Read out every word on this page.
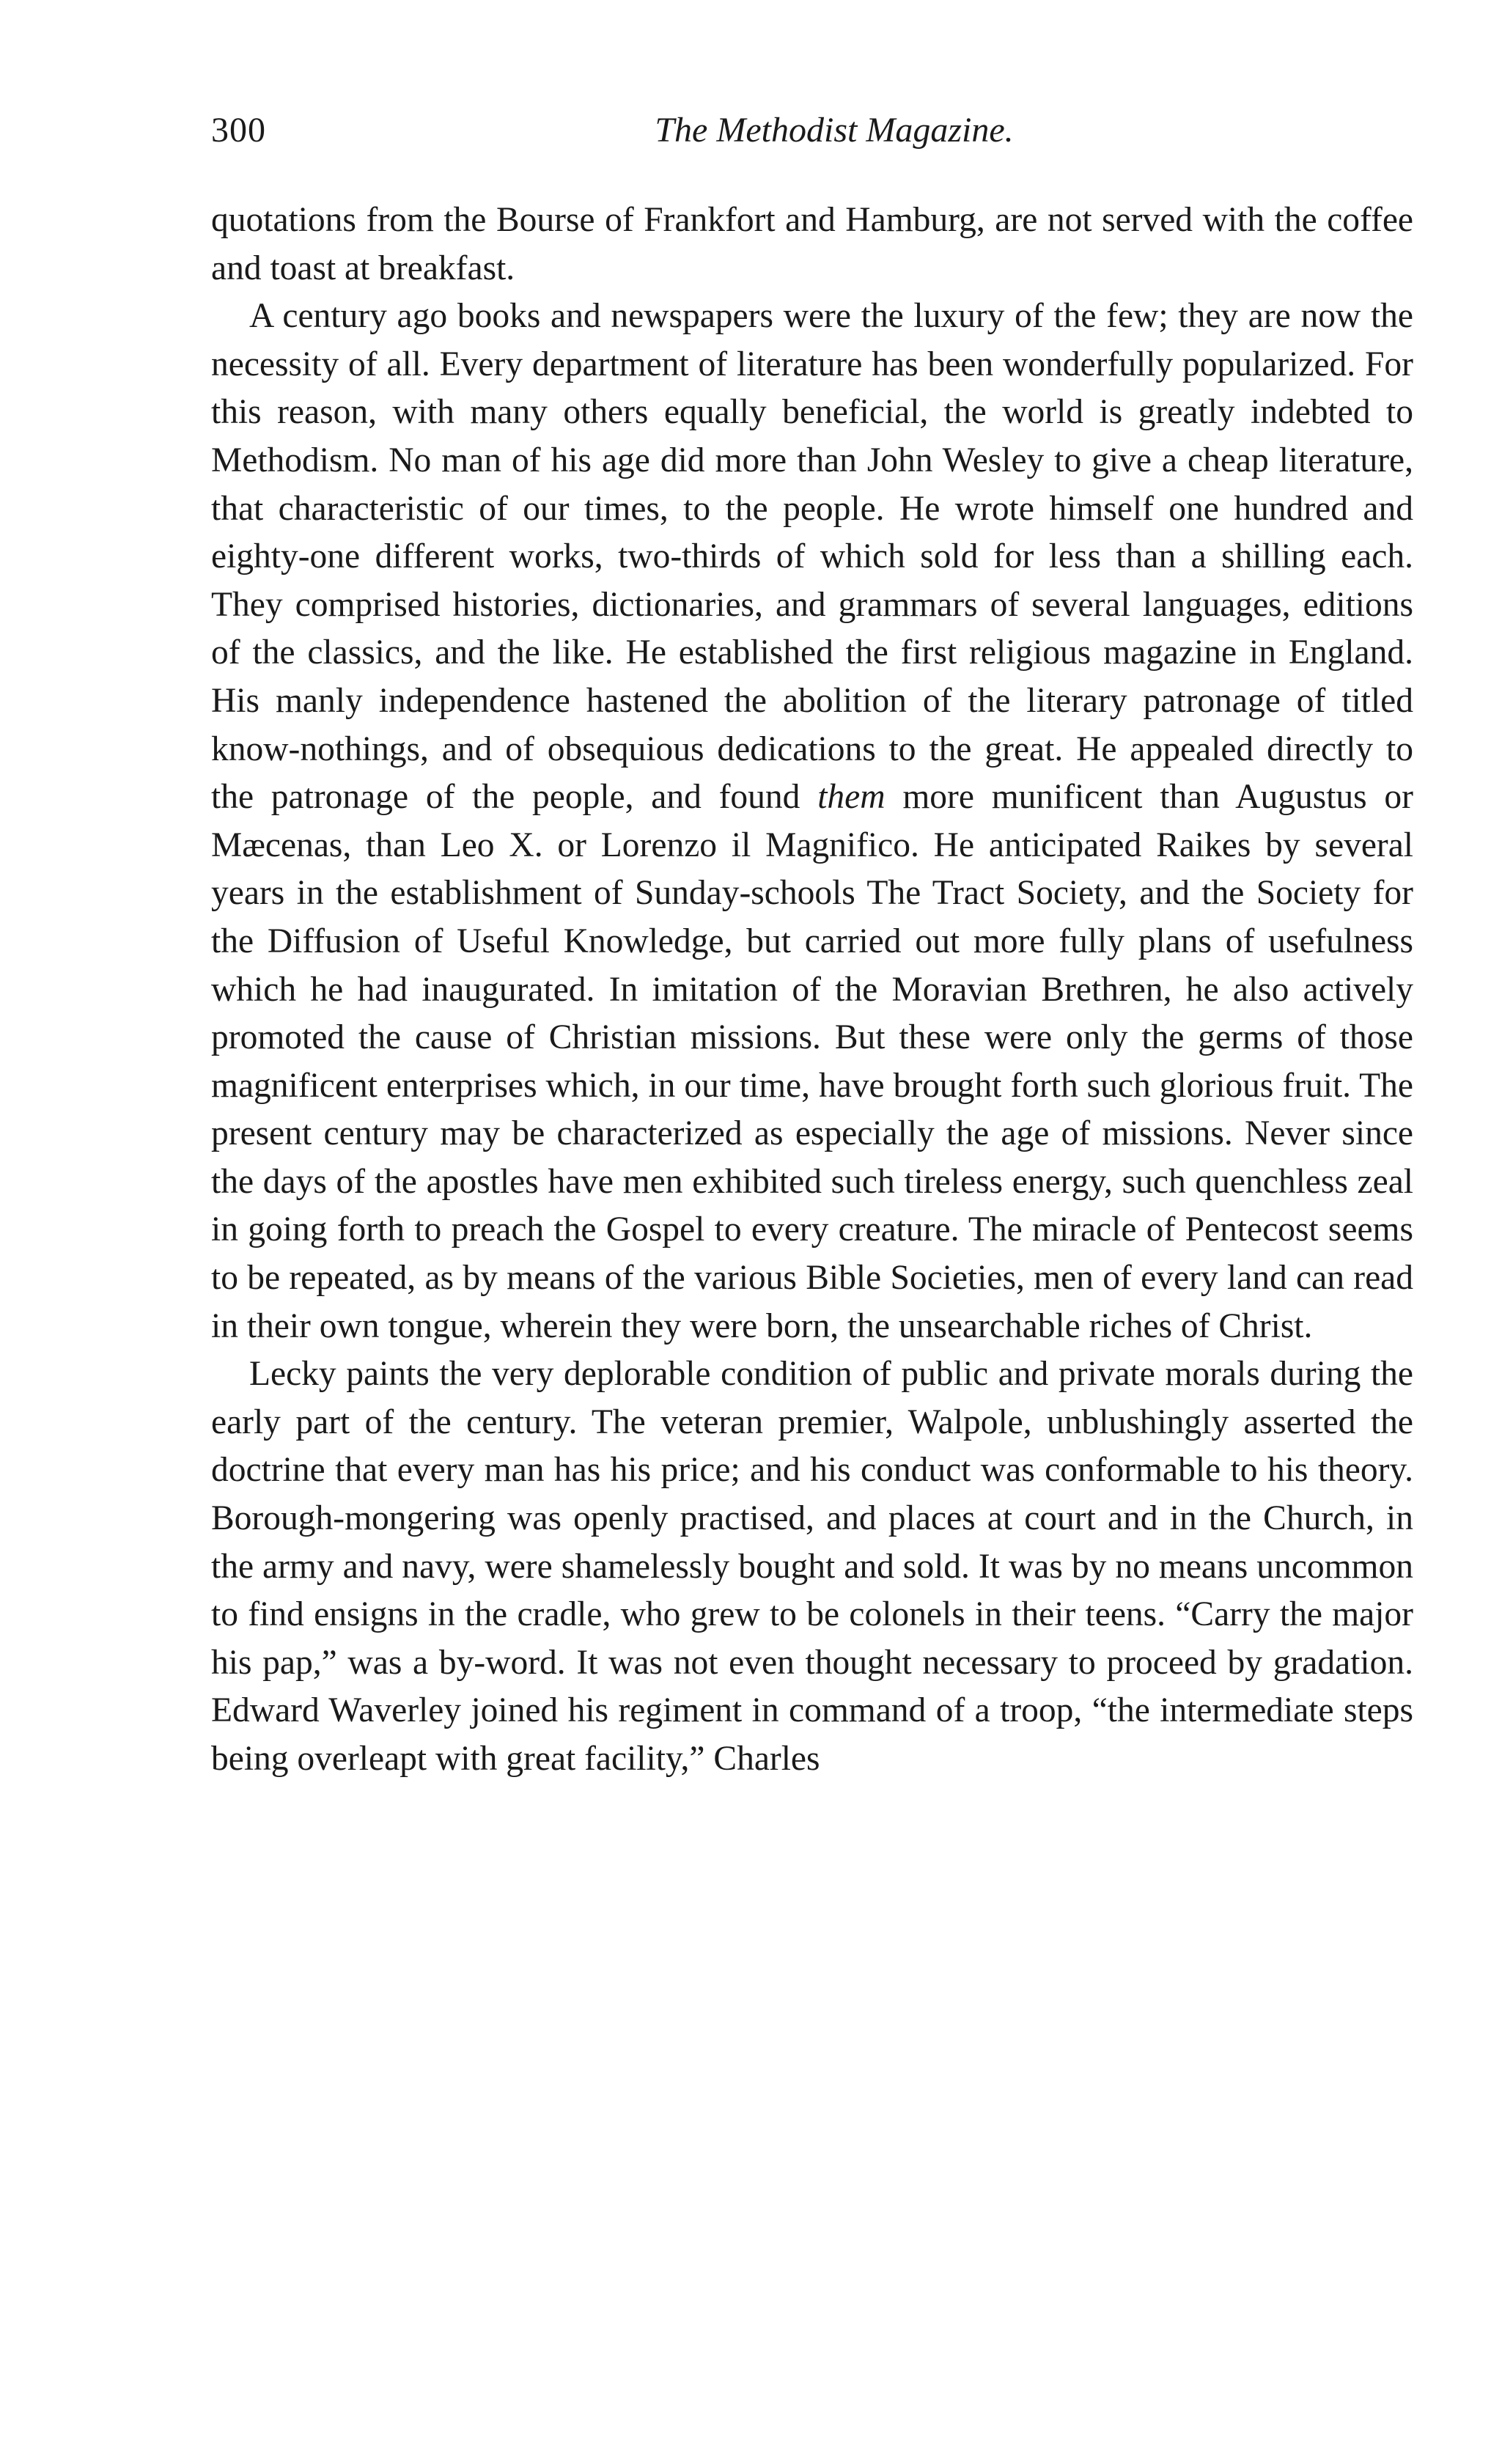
300	The Methodist Magazine.

quotations from the Bourse of Frankfort and Hamburg, are not served with the coffee and toast at breakfast.

A century ago books and newspapers were the luxury of the few; they are now the necessity of all. Every department of literature has been wonderfully popularized. For this reason, with many others equally beneficial, the world is greatly indebted to Methodism. No man of his age did more than John Wesley to give a cheap literature, that characteristic of our times, to the people. He wrote himself one hundred and eighty-one different works, two-thirds of which sold for less than a shilling each. They comprised histories, dictionaries, and grammars of several languages, editions of the classics, and the like. He established the first religious magazine in England. His manly independence hastened the abolition of the literary patronage of titled know-nothings, and of obsequious dedications to the great. He appealed directly to the patronage of the people, and found them more munificent than Augustus or Mæcenas, than Leo X. or Lorenzo il Magnifico. He anticipated Raikes by several years in the establishment of Sunday-schools The Tract Society, and the Society for the Diffusion of Useful Knowledge, but carried out more fully plans of usefulness which he had inaugurated. In imitation of the Moravian Brethren, he also actively promoted the cause of Christian missions. But these were only the germs of those magnificent enterprises which, in our time, have brought forth such glorious fruit. The present century may be characterized as especially the age of missions. Never since the days of the apostles have men exhibited such tireless energy, such quenchless zeal in going forth to preach the Gospel to every creature. The miracle of Pentecost seems to be repeated, as by means of the various Bible Societies, men of every land can read in their own tongue, wherein they were born, the unsearchable riches of Christ.

Lecky paints the very deplorable condition of public and private morals during the early part of the century. The veteran premier, Walpole, unblushingly asserted the doctrine that every man has his price; and his conduct was conformable to his theory. Borough-mongering was openly practised, and places at court and in the Church, in the army and navy, were shamelessly bought and sold. It was by no means uncommon to find ensigns in the cradle, who grew to be colonels in their teens. “Carry the major his pap,” was a by-word. It was not even thought necessary to proceed by gradation. Edward Waverley joined his regiment in command of a troop, “the intermediate steps being overleapt with great facility,” Charles
